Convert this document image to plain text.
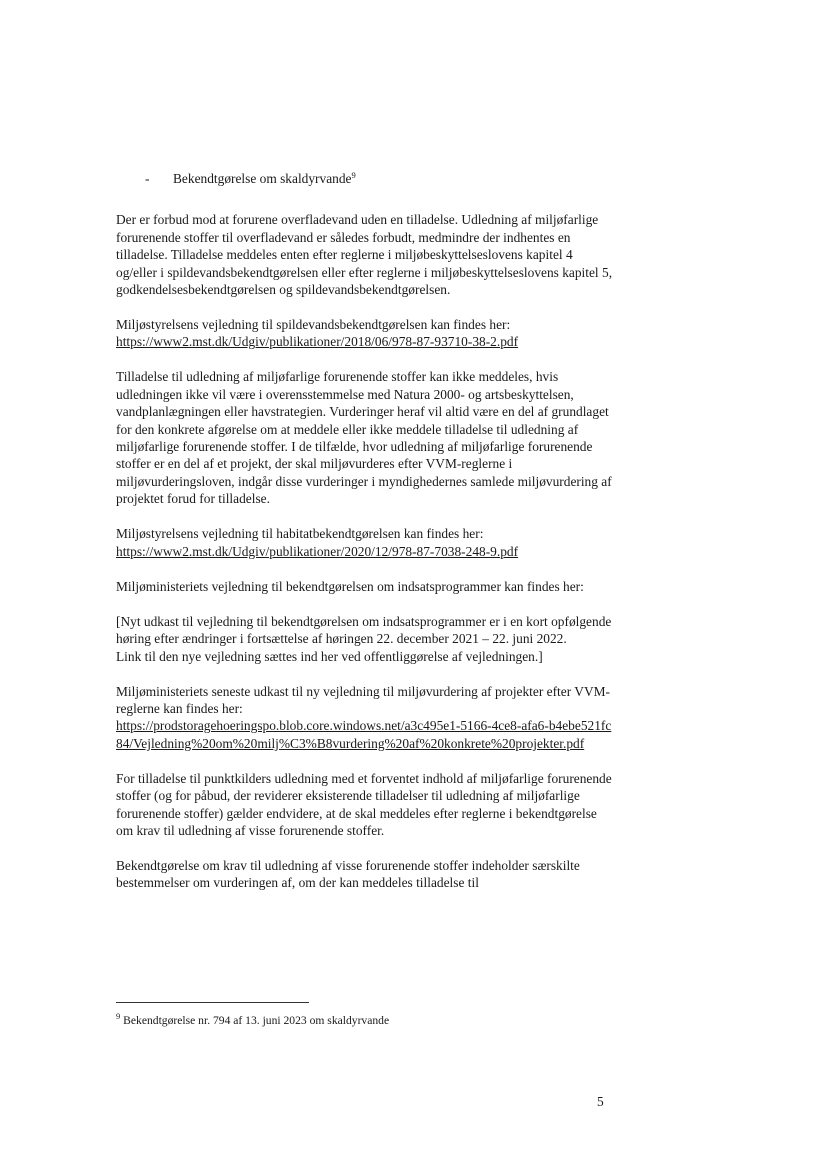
-	Bekendtgørelse om skaldyrvande$^9$

Der er forbud mod at forurene overfladevand uden en tilladelse. Udledning af miljøfarlige forurenende stoffer til overfladevand er således forbudt, medmindre der indhentes en tilladelse. Tilladelse meddeles enten efter reglerne i miljøbeskyttelseslovens kapitel 4 og/eller i spildevandsbekendtgørelsen eller efter reglerne i miljøbeskyttelseslovens kapitel 5, godkendelsesbekendtgørelsen og spildevandsbekendtgørelsen.

Miljøstyrelsens vejledning til spildevandsbekendtgørelsen kan findes her:
https://www2.mst.dk/Udgiv/publikationer/2018/06/978-87-93710-38-2.pdf

Tilladelse til udledning af miljøfarlige forurenende stoffer kan ikke meddeles, hvis udledningen ikke vil være i overensstemmelse med Natura 2000- og artsbeskyttelsen, vandplanlægningen eller havstrategien. Vurderinger heraf vil altid være en del af grundlaget for den konkrete afgørelse om at meddele eller ikke meddele tilladelse til udledning af miljøfarlige forurenende stoffer. I de tilfælde, hvor udledning af miljøfarlige forurenende stoffer er en del af et projekt, der skal miljøvurderes efter VVM-reglerne i miljøvurderingsloven, indgår disse vurderinger i myndighedernes samlede miljøvurdering af projektet forud for tilladelse.

Miljøstyrelsens vejledning til habitatbekendtgørelsen kan findes her:
https://www2.mst.dk/Udgiv/publikationer/2020/12/978-87-7038-248-9.pdf

Miljøministeriets vejledning til bekendtgørelsen om indsatsprogrammer kan findes her:

[Nyt udkast til vejledning til bekendtgørelsen om indsatsprogrammer er i en kort opfølgende høring efter ændringer i fortsættelse af høringen 22. december 2021 – 22. juni 2022.
Link til den nye vejledning sættes ind her ved offentliggørelse af vejledningen.]

Miljøministeriets seneste udkast til ny vejledning til miljøvurdering af projekter efter VVM-reglerne kan findes her:
https://prodstoragehoeringspo.blob.core.windows.net/a3c495e1-5166-4ce8-afa6-b4ebe521fc84/Vejledning%20om%20milj%C3%B8vurdering%20af%20konkrete%20projekter.pdf

For tilladelse til punktkilders udledning med et forventet indhold af miljøfarlige forurenende stoffer (og for påbud, der reviderer eksisterende tilladelser til udledning af miljøfarlige forurenende stoffer) gælder endvidere, at de skal meddeles efter reglerne i bekendtgørelse om krav til udledning af visse forurenende stoffer.

Bekendtgørelse om krav til udledning af visse forurenende stoffer indeholder særskilte bestemmelser om vurderingen af, om der kan meddeles tilladelse til

$^9$ Bekendtgørelse nr. 794 af 13. juni 2023 om skaldyrvande
5
